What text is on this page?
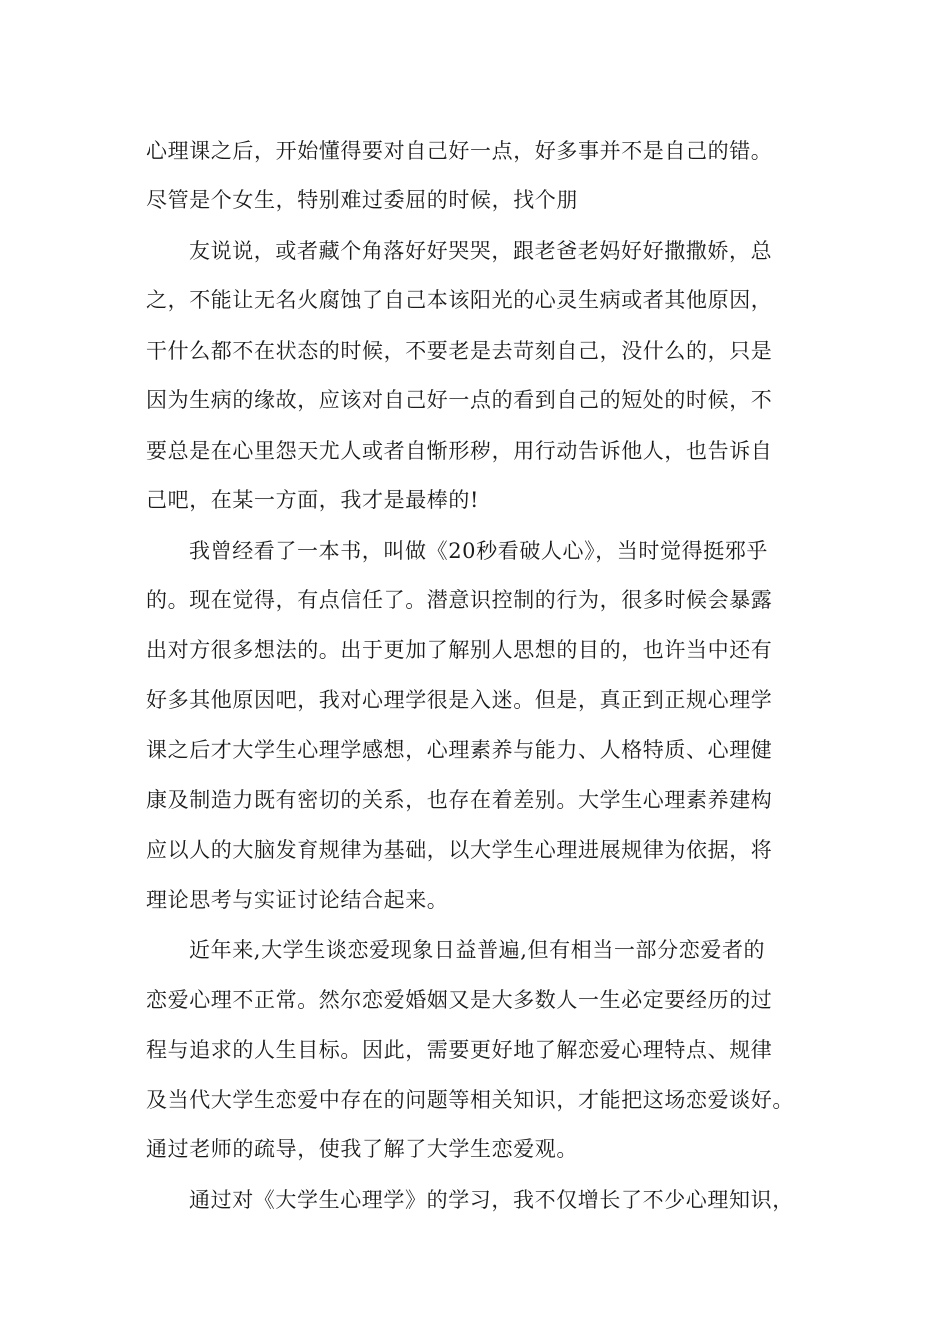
心理课之后，开始懂得要对自己好一点，好多事并不是自己的错。
尽管是个女生，特别难过委屈的时候，找个朋
友说说，或者藏个角落好好哭哭，跟老爸老妈好好撒撒娇，总
之，不能让无名火腐蚀了自己本该阳光的心灵生病或者其他原因，
干什么都不在状态的时候，不要老是去苛刻自己，没什么的，只是
因为生病的缘故，应该对自己好一点的看到自己的短处的时候，不
要总是在心里怨天尤人或者自惭形秽，用行动告诉他人，也告诉自
己吧，在某一方面，我才是最棒的!
我曾经看了一本书，叫做《20秒看破人心》，当时觉得挺邪乎
的。现在觉得，有点信任了。潜意识控制的行为，很多时候会暴露
出对方很多想法的。出于更加了解别人思想的目的，也许当中还有
好多其他原因吧，我对心理学很是入迷。但是，真正到正规心理学
课之后才大学生心理学感想，心理素养与能力、人格特质、心理健
康及制造力既有密切的关系，也存在着差别。大学生心理素养建构
应以人的大脑发育规律为基础，以大学生心理进展规律为依据，将
理论思考与实证讨论结合起来。
近年来,大学生谈恋爱现象日益普遍,但有相当一部分恋爱者的
恋爱心理不正常。然尔恋爱婚姻又是大多数人一生必定要经历的过
程与追求的人生目标。因此，需要更好地了解恋爱心理特点、规律
及当代大学生恋爱中存在的问题等相关知识，才能把这场恋爱谈好。
通过老师的疏导，使我了解了大学生恋爱观。
通过对《大学生心理学》的学习，我不仅增长了不少心理知识，
